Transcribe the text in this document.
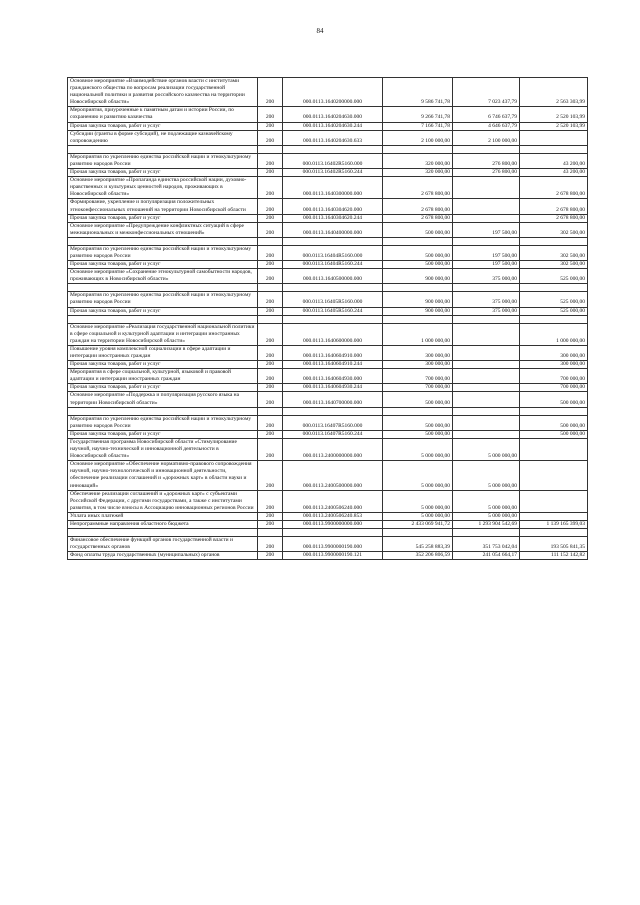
84
Основное мероприятие «Взаимодействие органов власти с институтами гражданского общества по вопросам реализации государственной национальной политики и развития российского казачества на территории Новосибирской области»	200	000.0113.1640200000.000	9 586 741,78	7 023 437,79	2 563 303,99
Мероприятия, приуроченные к памятным датам и истории России, по сохранению и развитию казачества	200	000.0113.1640204630.000	9 266 741,78	6 746 637,79	2 520 103,99
Прочая закупка товаров, работ и услуг	200	000.0113.1640204630.244	7 166 741,78	4 646 637,79	2 520 103,99
Субсидии (гранты в форме субсидий), не подлежащие казначейскому сопровождению	200	000.0113.1640204630.633	2 100 000,00	2 100 000,00	

Мероприятия по укреплению единства российской нации и этнокультурному развитию народов России	200	000.0113.16402R5160.000	320 000,00	276 800,00	43 200,00
Прочая закупка товаров, работ и услуг	200	000.0113.16402R5160.244	320 000,00	276 800,00	43 200,00
Основное мероприятие «Пропаганда единства российской нации, духовно-нравственных и культурных ценностей народов, проживающих в Новосибирской области»	200	000.0113.1640300000.000	2 678 800,00		2 678 800,00
Формирование, укрепление и популяризация положительных этноконфессиональных отношений на территории Новосибирской области	200	000.0113.1640304620.000	2 678 800,00		2 678 800,00
Прочая закупка товаров, работ и услуг	200	000.0113.1640304620.244	2 678 800,00		2 678 800,00
Основное мероприятие «Предупреждение конфликтных ситуаций в сфере межнациональных и межконфессиональных отношений»	200	000.0113.1640400000.000	500 000,00	197 500,00	302 500,00

Мероприятия по укреплению единства российской нации и этнокультурному развитию народов России	200	000.0113.16404R5160.000	500 000,00	197 500,00	302 500,00
Прочая закупка товаров, работ и услуг	200	000.0113.16404R5160.244	500 000,00	197 500,00	302 500,00
Основное мероприятие «Сохранение этнокультурной самобытности народов, проживающих в Новосибирской области»	200	000.0113.1640500000.000	900 000,00	375 000,00	525 000,00

Мероприятия по укреплению единства российской нации и этнокультурному развитию народов России	200	000.0113.16405R5160.000	900 000,00	375 000,00	525 000,00
Прочая закупка товаров, работ и услуг	200	000.0113.16405R5160.244	900 000,00	375 000,00	525 000,00

Основное мероприятие «Реализация государственной национальной политики в сфере социальной и культурной адаптации и интеграции иностранных граждан на территории Новосибирской области»	200	000.0113.1640600000.000	1 000 000,00		1 000 000,00
Повышение уровня комплексной социализации в сфере адаптации и интеграции иностранных граждан	200	000.0113.1640604910.000	300 000,00		300 000,00
Прочая закупка товаров, работ и услуг	200	000.0113.1640604910.244	300 000,00		300 000,00
Мероприятия в сфере социальной, культурной, языковой и правовой адаптации и интеграции иностранных граждан	200	000.0113.1640604930.000	700 000,00		700 000,00
Прочая закупка товаров, работ и услуг	200	000.0113.1640604930.244	700 000,00		700 000,00
Основное мероприятие «Поддержка и популяризация русского языка на территории Новосибирской области»	200	000.0113.1640700000.000	500 000,00		500 000,00

Мероприятия по укреплению единства российской нации и этнокультурному развитию народов России	200	000.0113.16407R5160.000	500 000,00		500 000,00
Прочая закупка товаров, работ и услуг	200	000.0113.16407R5160.244	500 000,00		500 000,00
Государственная программа Новосибирской области «Стимулирование научной, научно-технической и инновационной деятельности в Новосибирской области»	200	000.0113.2400000000.000	5 000 000,00	5 000 000,00	
Основное мероприятие «Обеспечение нормативно-правового сопровождения научной, научно-технологической и инновационной деятельности, обеспечение реализации соглашений и «дорожных карт» в области науки и инноваций»	200	000.0113.2400500000.000	5 000 000,00	5 000 000,00	
Обеспечение реализации соглашений и «дорожных карт» с субъектами Российской Федерации, с другими государствами, а также с институтами развития, в том числе взносы в Ассоциацию инновационных регионов России	200	000.0113.2400506240.000	5 000 000,00	5 000 000,00	
Уплата иных платежей	200	000.0113.2400506240.853	5 000 000,00	5 000 000,00	
Непрограммные направления областного бюджета	200	000.0113.9900000000.000	2 433 069 941,72	1 293 904 542,69	1 139 165 399,03

Финансовое обеспечение функций органов государственной власти и государственных органов	200	000.0113.9900000190.000	545 258 883,39	351 753 042,04	193 505 841,35
Фонд оплаты труда государственных (муниципальных) органов	200	000.0113.9900000190.121	352 206 806,59	241 054 664,17	111 152 142,82
